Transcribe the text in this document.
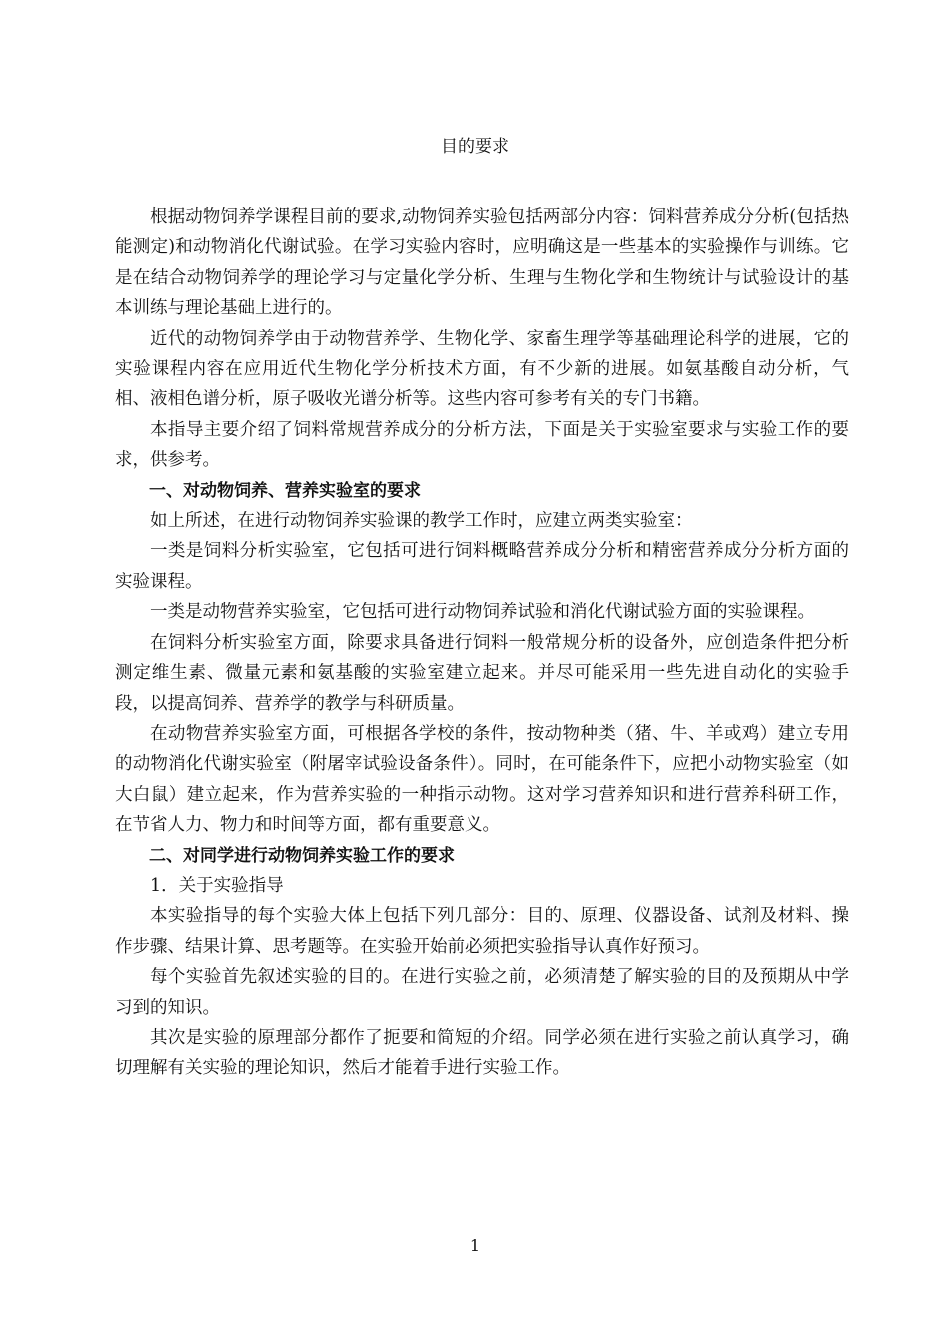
目的要求

根据动物饲养学课程目前的要求,动物饲养实验包括两部分内容：饲料营养成分分析(包括热能测定)和动物消化代谢试验。在学习实验内容时，应明确这是一些基本的实验操作与训练。它是在结合动物饲养学的理论学习与定量化学分析、生理与生物化学和生物统计与试验设计的基本训练与理论基础上进行的。

近代的动物饲养学由于动物营养学、生物化学、家畜生理学等基础理论科学的进展，它的实验课程内容在应用近代生物化学分析技术方面，有不少新的进展。如氨基酸自动分析，气相、液相色谱分析，原子吸收光谱分析等。这些内容可参考有关的专门书籍。

本指导主要介绍了饲料常规营养成分的分析方法，下面是关于实验室要求与实验工作的要求，供参考。

一、对动物饲养、营养实验室的要求

如上所述，在进行动物饲养实验课的教学工作时，应建立两类实验室：

一类是饲料分析实验室，它包括可进行饲料概略营养成分分析和精密营养成分分析方面的实验课程。

一类是动物营养实验室，它包括可进行动物饲养试验和消化代谢试验方面的实验课程。

在饲料分析实验室方面，除要求具备进行饲料一般常规分析的设备外，应创造条件把分析测定维生素、微量元素和氨基酸的实验室建立起来。并尽可能采用一些先进自动化的实验手段，以提高饲养、营养学的教学与科研质量。

在动物营养实验室方面，可根据各学校的条件，按动物种类（猪、牛、羊或鸡）建立专用的动物消化代谢实验室（附屠宰试验设备条件）。同时，在可能条件下，应把小动物实验室（如大白鼠）建立起来，作为营养实验的一种指示动物。这对学习营养知识和进行营养科研工作，在节省人力、物力和时间等方面，都有重要意义。

二、对同学进行动物饲养实验工作的要求

1．关于实验指导

本实验指导的每个实验大体上包括下列几部分：目的、原理、仪器设备、试剂及材料、操作步骤、结果计算、思考题等。在实验开始前必须把实验指导认真作好预习。

每个实验首先叙述实验的目的。在进行实验之前，必须清楚了解实验的目的及预期从中学习到的知识。

其次是实验的原理部分都作了扼要和简短的介绍。同学必须在进行实验之前认真学习，确切理解有关实验的理论知识，然后才能着手进行实验工作。

1
